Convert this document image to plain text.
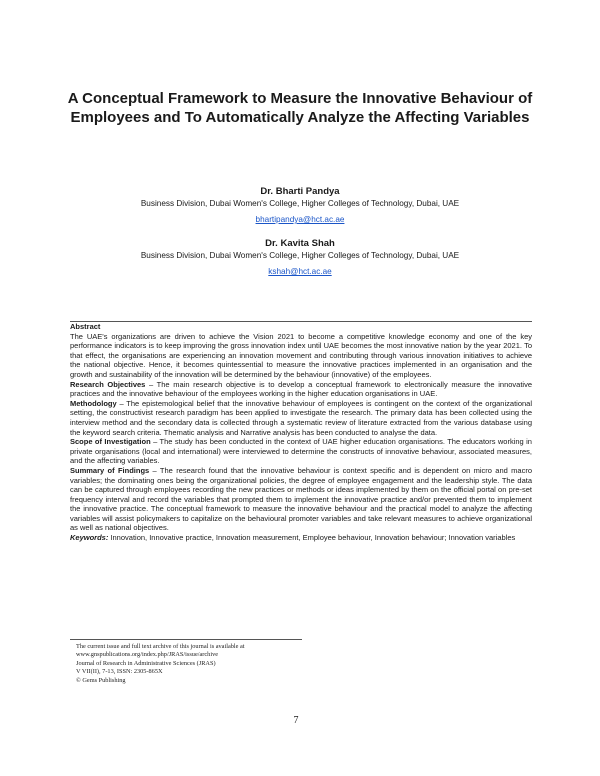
A Conceptual Framework to Measure the Innovative Behaviour of Employees and To Automatically Analyze the Affecting Variables
Dr. Bharti Pandya
Business Division, Dubai Women's College, Higher Colleges of Technology, Dubai, UAE
bhartipandya@hct.ac.ae
Dr. Kavita Shah
Business Division, Dubai Women's College, Higher Colleges of Technology, Dubai, UAE
kshah@hct.ac.ae

Abstract

The UAE's organizations are driven to achieve the Vision 2021 to become a competitive knowledge economy and one of the key performance indicators is to keep improving the gross innovation index until UAE becomes the most innovative nation by the year 2021. To that effect, the organisations are experiencing an innovation movement and contributing through various innovation initiatives to achieve the national objective. Hence, it becomes quintessential to measure the innovative practices implemented in an organisation and the growth and sustainability of the innovation will be determined by the behaviour (innovative) of the employees.

Research Objectives – The main research objective is to develop a conceptual framework to electronically measure the innovative practices and the innovative behaviour of the employees working in the higher education organisations in UAE.

Methodology – The epistemological belief that the innovative behaviour of employees is contingent on the context of the organizational setting, the constructivist research paradigm has been applied to investigate the research. The primary data has been collected using the interview method and the secondary data is collected through a systematic review of literature extracted from the various database using the keyword search criteria. Thematic analysis and Narrative analysis has been conducted to analyse the data.

Scope of Investigation – The study has been conducted in the context of UAE higher education organisations. The educators working in private organisations (local and international) were interviewed to determine the constructs of innovative behaviour, associated measures, and the affecting variables.

Summary of Findings – The research found that the innovative behaviour is context specific and is dependent on micro and macro variables; the dominating ones being the organizational policies, the degree of employee engagement and the leadership style. The data can be captured through employees recording the new practices or methods or ideas implemented by them on the official portal on pre-set frequency interval and record the variables that prompted them to implement the innovative practice and/or prevented them to implement the innovative practice. The conceptual framework to measure the innovative behaviour and the practical model to analyze the affecting variables will assist policymakers to capitalize on the behavioural promoter variables and take relevant measures to achieve organizational as well as national objectives.

Keywords: Innovation, Innovative practice, Innovation measurement, Employee behaviour, Innovation behaviour; Innovation variables

The current issue and full text archive of this journal is available at
www.gnspublications.org/index.php/JRAS/issue/archive
Journal of Research in Administrative Sciences (JRAS)
V VII(II), 7-13, ISSN: 2305-865X
© Gems Publishing
7
